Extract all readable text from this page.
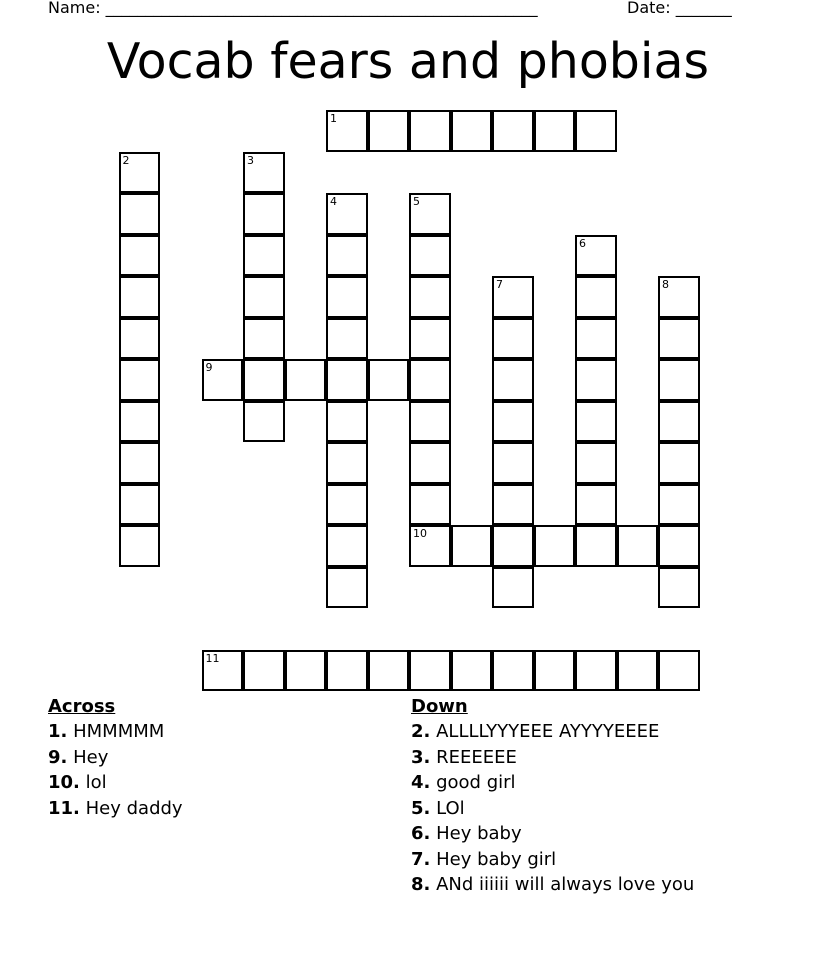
Name: ______________________________________________________	Date: _______
Vocab fears and phobias
1
2	3
4	5
10
6
7	8
9
11
Across
1. HMMMMM
9. Hey
10. lol
11. Hey daddy
Down
2. ALLLLYYYEEE AYYYYEEEE
3. REEEEEE
4. good girl
5. LOl
6. Hey baby
7. Hey baby girl
8. ANd iiiiii will always love you
